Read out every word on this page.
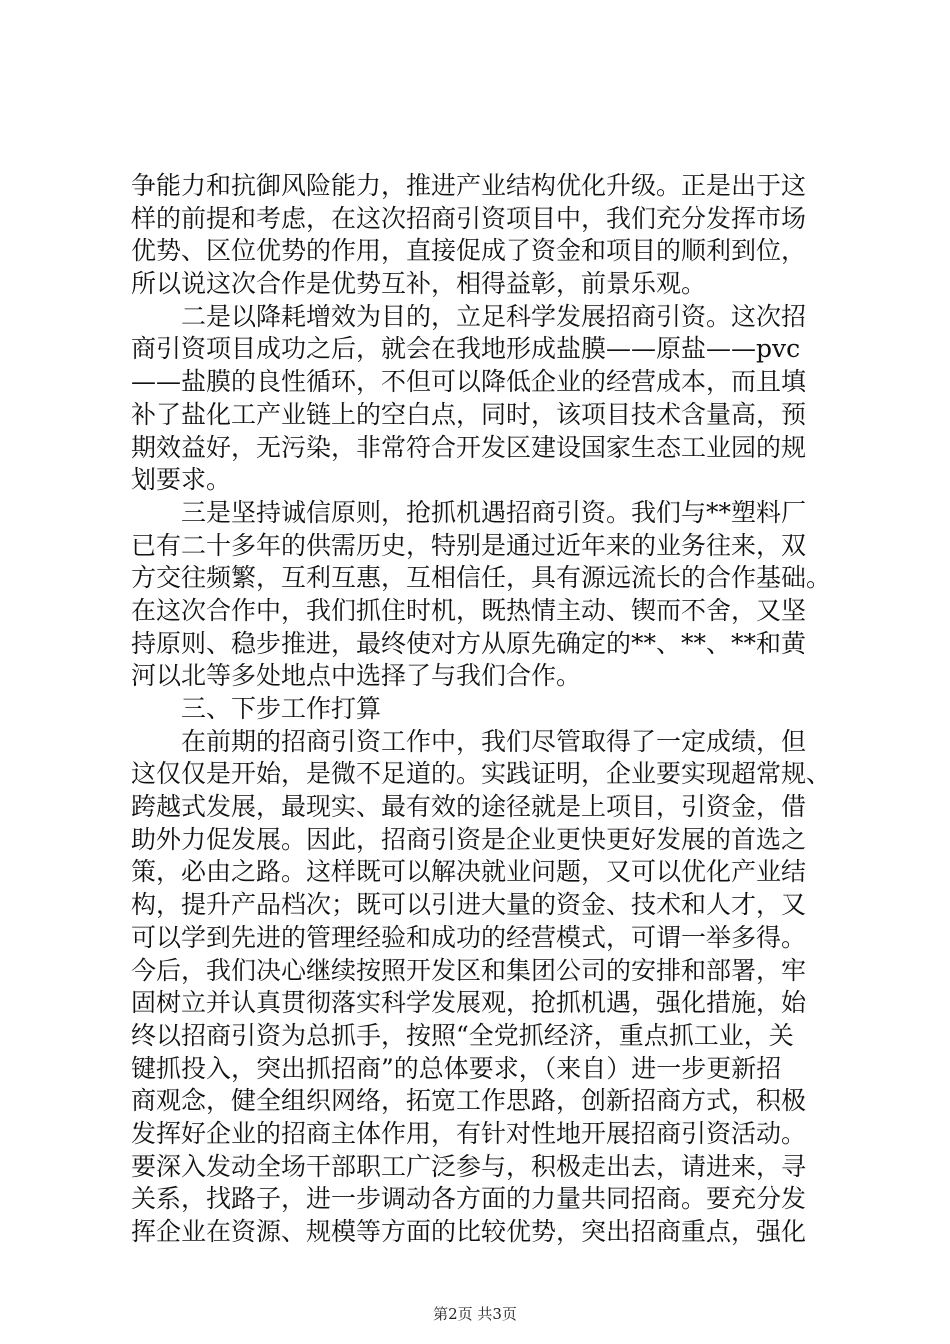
争能力和抗御风险能力，推进产业结构优化升级。正是出于这
样的前提和考虑，在这次招商引资项目中，我们充分发挥市场
优势、区位优势的作用，直接促成了资金和项目的顺利到位，
所以说这次合作是优势互补，相得益彰，前景乐观。
二是以降耗增效为目的，立足科学发展招商引资。这次招
商引资项目成功之后，就会在我地形成盐膜——原盐——pvc
——盐膜的良性循环，不但可以降低企业的经营成本，而且填
补了盐化工产业链上的空白点，同时，该项目技术含量高，预
期效益好，无污染，非常符合开发区建设国家生态工业园的规
划要求。
三是坚持诚信原则，抢抓机遇招商引资。我们与**塑料厂
已有二十多年的供需历史，特别是通过近年来的业务往来，双
方交往频繁，互利互惠，互相信任，具有源远流长的合作基础。
在这次合作中，我们抓住时机，既热情主动、锲而不舍，又坚
持原则、稳步推进，最终使对方从原先确定的**、**、**和黄
河以北等多处地点中选择了与我们合作。
三、下步工作打算
在前期的招商引资工作中，我们尽管取得了一定成绩，但
这仅仅是开始，是微不足道的。实践证明，企业要实现超常规、
跨越式发展，最现实、最有效的途径就是上项目，引资金，借
助外力促发展。因此，招商引资是企业更快更好发展的首选之
策，必由之路。这样既可以解决就业问题，又可以优化产业结
构，提升产品档次；既可以引进大量的资金、技术和人才，又
可以学到先进的管理经验和成功的经营模式，可谓一举多得。
今后，我们决心继续按照开发区和集团公司的安排和部署，牢
固树立并认真贯彻落实科学发展观，抢抓机遇，强化措施，始
终以招商引资为总抓手，按照“全党抓经济，重点抓工业，关
键抓投入，突出抓招商”的总体要求，（来自）进一步更新招
商观念，健全组织网络，拓宽工作思路，创新招商方式，积极
发挥好企业的招商主体作用，有针对性地开展招商引资活动。
要深入发动全场干部职工广泛参与，积极走出去，请进来，寻
关系，找路子，进一步调动各方面的力量共同招商。要充分发
挥企业在资源、规模等方面的比较优势，突出招商重点，强化
第2页 共3页
